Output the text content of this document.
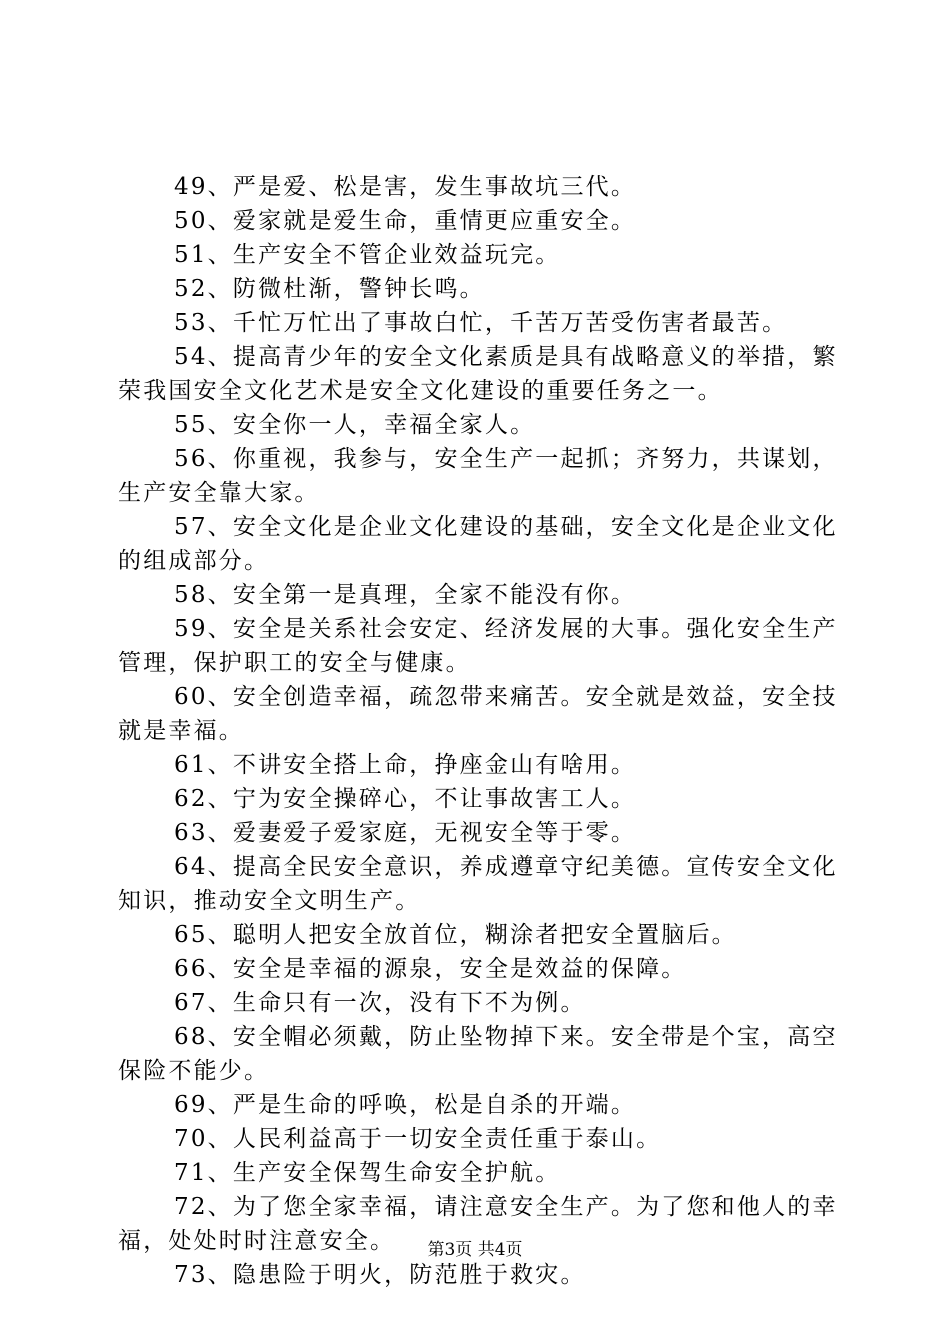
49、严是爱、松是害，发生事故坑三代。

50、爱家就是爱生命，重情更应重安全。

51、生产安全不管企业效益玩完。

52、防微杜渐，警钟长鸣。

53、千忙万忙出了事故白忙，千苦万苦受伤害者最苦。

54、提高青少年的安全文化素质是具有战略意义的举措，繁荣我国安全文化艺术是安全文化建设的重要任务之一。

55、安全你一人，幸福全家人。

56、你重视，我参与，安全生产一起抓；齐努力，共谋划，生产安全靠大家。

57、安全文化是企业文化建设的基础，安全文化是企业文化的组成部分。

58、安全第一是真理，全家不能没有你。

59、安全是关系社会安定、经济发展的大事。强化安全生产管理，保护职工的安全与健康。

60、安全创造幸福，疏忽带来痛苦。安全就是效益，安全技就是幸福。

61、不讲安全搭上命，挣座金山有啥用。

62、宁为安全操碎心，不让事故害工人。

63、爱妻爱子爱家庭，无视安全等于零。

64、提高全民安全意识，养成遵章守纪美德。宣传安全文化知识，推动安全文明生产。

65、聪明人把安全放首位，糊涂者把安全置脑后。

66、安全是幸福的源泉，安全是效益的保障。

67、生命只有一次，没有下不为例。

68、安全帽必须戴，防止坠物掉下来。安全带是个宝，高空保险不能少。

69、严是生命的呼唤，松是自杀的开端。

70、人民利益高于一切安全责任重于泰山。

71、生产安全保驾生命安全护航。

72、为了您全家幸福，请注意安全生产。为了您和他人的幸福，处处时时注意安全。

73、隐患险于明火，防范胜于救灾。

第3页 共4页
